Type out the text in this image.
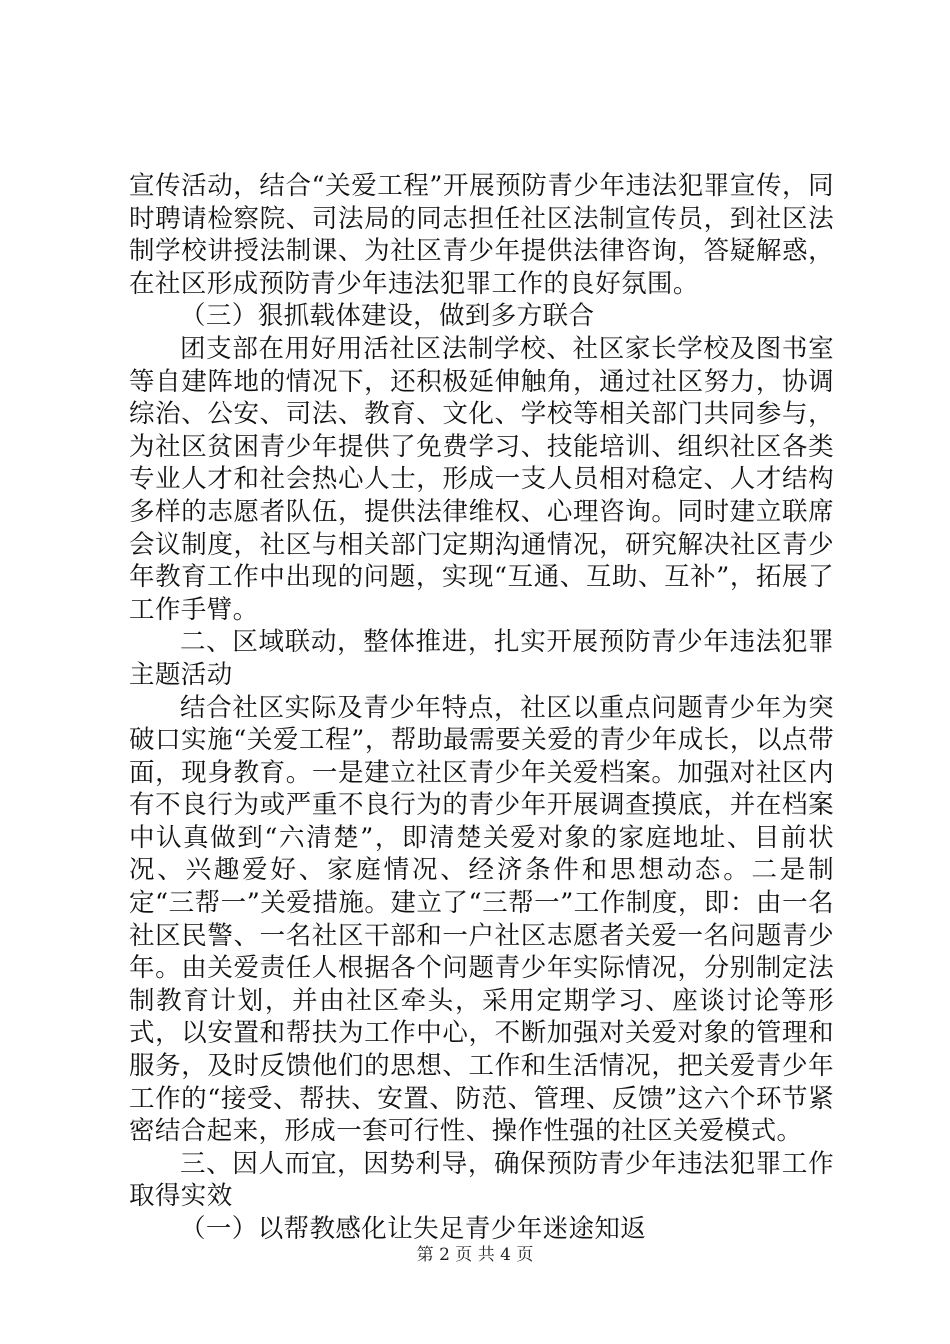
宣传活动，结合“关爱工程”开展预防青少年违法犯罪宣传，同时聘请检察院、司法局的同志担任社区法制宣传员，到社区法制学校讲授法制课、为社区青少年提供法律咨询，答疑解惑，在社区形成预防青少年违法犯罪工作的良好氛围。

（三）狠抓载体建设，做到多方联合

团支部在用好用活社区法制学校、社区家长学校及图书室等自建阵地的情况下，还积极延伸触角，通过社区努力，协调综治、公安、司法、教育、文化、学校等相关部门共同参与，为社区贫困青少年提供了免费学习、技能培训、组织社区各类专业人才和社会热心人士，形成一支人员相对稳定、人才结构多样的志愿者队伍，提供法律维权、心理咨询。同时建立联席会议制度，社区与相关部门定期沟通情况，研究解决社区青少年教育工作中出现的问题，实现“互通、互助、互补”，拓展了工作手臂。

二、区域联动，整体推进，扎实开展预防青少年违法犯罪主题活动

结合社区实际及青少年特点，社区以重点问题青少年为突破口实施“关爱工程”，帮助最需要关爱的青少年成长，以点带面，现身教育。一是建立社区青少年关爱档案。加强对社区内有不良行为或严重不良行为的青少年开展调查摸底，并在档案中认真做到“六清楚”，即清楚关爱对象的家庭地址、目前状况、兴趣爱好、家庭情况、经济条件和思想动态。二是制定“三帮一”关爱措施。建立了“三帮一”工作制度，即：由一名社区民警、一名社区干部和一户社区志愿者关爱一名问题青少年。由关爱责任人根据各个问题青少年实际情况，分别制定法制教育计划，并由社区牵头，采用定期学习、座谈讨论等形式，以安置和帮扶为工作中心，不断加强对关爱对象的管理和服务，及时反馈他们的思想、工作和生活情况，把关爱青少年工作的“接受、帮扶、安置、防范、管理、反馈”这六个环节紧密结合起来，形成一套可行性、操作性强的社区关爱模式。

三、因人而宜，因势利导，确保预防青少年违法犯罪工作取得实效

（一）以帮教感化让失足青少年迷途知返

第 2 页 共 4 页
